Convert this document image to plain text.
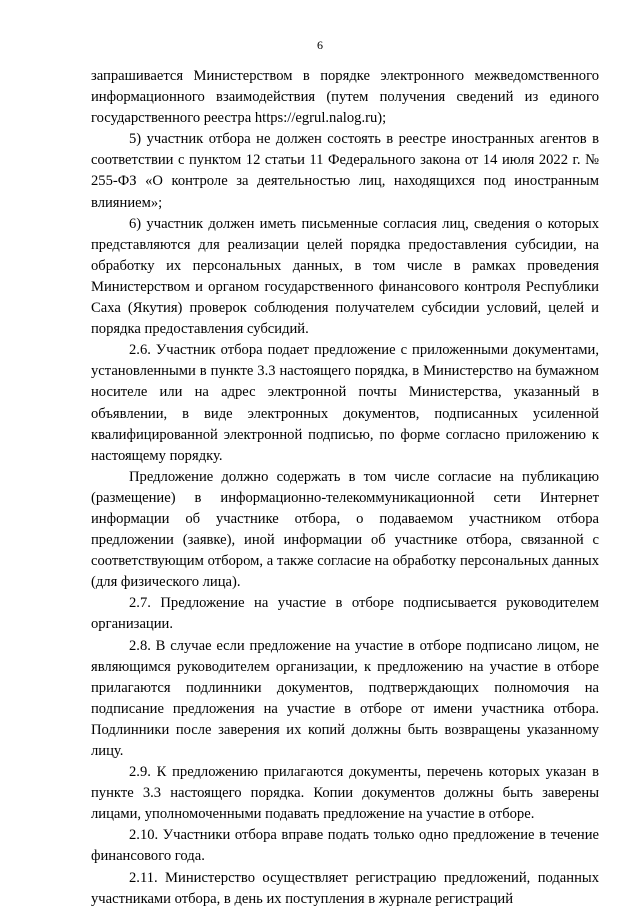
6

запрашивается Министерством в порядке электронного межведомственного информационного взаимодействия (путем получения сведений из единого государственного реестра https://egrul.nalog.ru);

5) участник отбора не должен состоять в реестре иностранных агентов в соответствии с пунктом 12 статьи 11 Федерального закона от 14 июля 2022 г. № 255-ФЗ «О контроле за деятельностью лиц, находящихся под иностранным влиянием»;

6) участник должен иметь письменные согласия лиц, сведения о которых представляются для реализации целей порядка предоставления субсидии, на обработку их персональных данных, в том числе в рамках проведения Министерством и органом государственного финансового контроля Республики Саха (Якутия) проверок соблюдения получателем субсидии условий, целей и порядка предоставления субсидий.

2.6. Участник отбора подает предложение с приложенными документами, установленными в пункте 3.3 настоящего порядка, в Министерство на бумажном носителе или на адрес электронной почты Министерства, указанный в объявлении, в виде электронных документов, подписанных усиленной квалифицированной электронной подписью, по форме согласно приложению к настоящему порядку.

Предложение должно содержать в том числе согласие на публикацию (размещение) в информационно-телекоммуникационной сети Интернет информации об участнике отбора, о подаваемом участником отбора предложении (заявке), иной информации об участнике отбора, связанной с соответствующим отбором, а также согласие на обработку персональных данных (для физического лица).

2.7. Предложение на участие в отборе подписывается руководителем организации.

2.8. В случае если предложение на участие в отборе подписано лицом, не являющимся руководителем организации, к предложению на участие в отборе прилагаются подлинники документов, подтверждающих полномочия на подписание предложения на участие в отборе от имени участника отбора. Подлинники после заверения их копий должны быть возвращены указанному лицу.

2.9. К предложению прилагаются документы, перечень которых указан в пункте 3.3 настоящего порядка. Копии документов должны быть заверены лицами, уполномоченными подавать предложение на участие в отборе.

2.10. Участники отбора вправе подать только одно предложение в течение финансового года.

2.11. Министерство осуществляет регистрацию предложений, поданных участниками отбора, в день их поступления в журнале регистраций
